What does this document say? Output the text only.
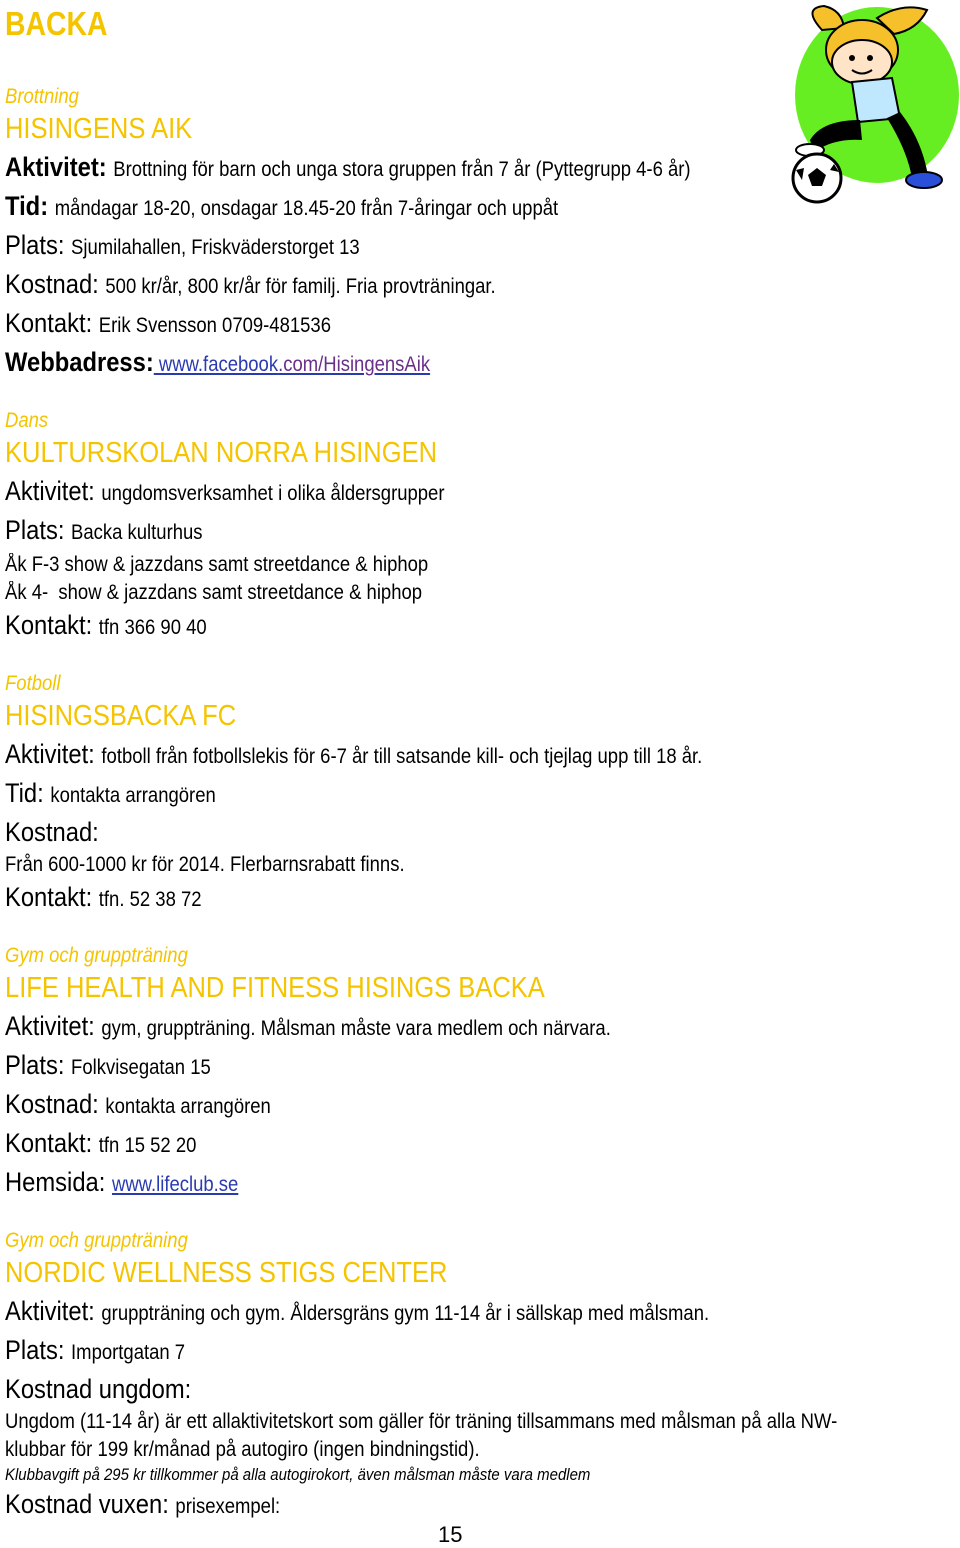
BACKA
Brottning
HISINGENS AIK
Aktivitet: Brottning för barn och unga stora gruppen från 7 år (Pyttegrupp 4-6 år)
Tid: måndagar 18-20, onsdagar 18.45-20 från 7-åringar och uppåt
Plats: Sjumilahallen, Friskväderstorget 13
Kostnad: 500 kr/år, 800 kr/år för familj. Fria provträningar.
Kontakt: Erik Svensson 0709-481536
Webbadress: www.facebook.com/HisingensAik
Dans
KULTURSKOLAN NORRA HISINGEN
Aktivitet: ungdomsverksamhet i olika åldersgrupper
Plats: Backa kulturhus
Åk F-3 show & jazzdans samt streetdance & hiphop
Åk 4-  show & jazzdans samt streetdance & hiphop
Kontakt: tfn 366 90 40
Fotboll
HISINGSBACKA FC
Aktivitet: fotboll från fotbollslekis för 6-7 år till satsande kill- och tjejlag upp till 18 år.
Tid: kontakta arrangören
Kostnad:
Från 600-1000 kr för 2014. Flerbarnsrabatt finns.
Kontakt: tfn. 52 38 72
Gym och gruppträning
LIFE HEALTH AND FITNESS HISINGS BACKA
Aktivitet: gym, gruppträning. Målsman måste vara medlem och närvara.
Plats: Folkvisegatan 15
Kostnad: kontakta arrangören
Kontakt: tfn 15 52 20
Hemsida: www.lifeclub.se
Gym och gruppträning
NORDIC WELLNESS STIGS CENTER
Aktivitet: gruppträning och gym. Åldersgräns gym 11-14 år i sällskap med målsman.
Plats: Importgatan 7
Kostnad ungdom:
Ungdom (11-14 år) är ett allaktivitetskort som gäller för träning tillsammans med målsman på alla NW-
klubbar för 199 kr/månad på autogiro (ingen bindningstid).
Klubbavgift på 295 kr tillkommer på alla autogirokort, även målsman måste vara medlem
Kostnad vuxen: prisexempel:
15
